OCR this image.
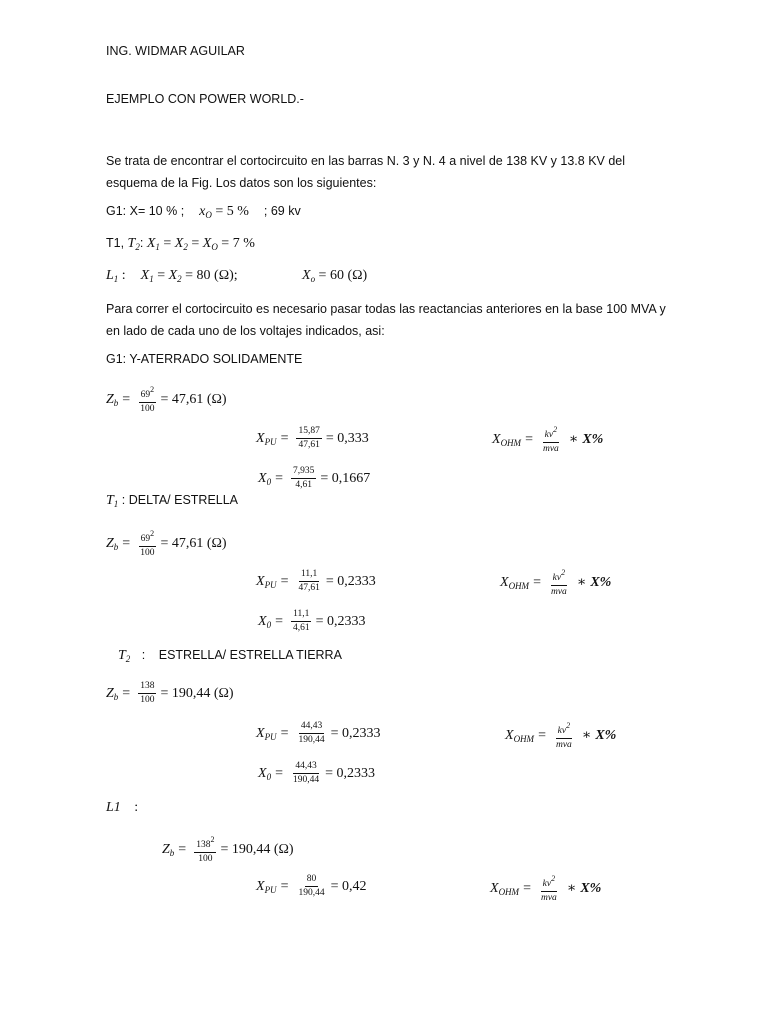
ING. WIDMAR AGUILAR
EJEMPLO CON POWER WORLD.-
Se trata de encontrar el cortocircuito en las barras N. 3 y N. 4 a nivel de 138 KV y 13.8 KV del esquema de la Fig. Los datos son los siguientes:
G1: X= 10 % ; $x_O = 5$ % ; 69 kv
T1, $T_2$: $X_1 = X_2 = X_O = 7$ %
$L_1$ : $X_1 = X_2 = 80$ (Ω);	$X_o = 60$ (Ω)
Para correr el cortocircuito es necesario pasar todas las reactancias anteriores en la base 100 MVA y en lado de cada uno de los voltajes indicados, asi:
G1: Y-ATERRADO SOLIDAMENTE
$Z_b = \frac{69^2}{100} = 47,61$ (Ω)
$X_{PU} = \frac{15,87}{47,61} = 0,333$	$X_{OHM} = \frac{kv^2}{\text{mva}}$ ∗ X%
$X_0 = \frac{7,935}{4,61} = 0,1667$
$T_1$ : DELTA/ ESTRELLA
$Z_b = \frac{69^2}{100} = 47,61$ (Ω)
$X_{PU} = \frac{11,1}{47,61} = 0,2333$	$X_{OHM} = \frac{kv^2}{\text{mva}}$ ∗ X%
$X_0 = \frac{11,1}{4,61} = 0,2333$
$T_2$ : ESTRELLA/ ESTRELLA TIERRA
$Z_b = \frac{138}{100} = 190,44$ (Ω)
$X_{PU} = \frac{44,43}{190,44} = 0,2333$	$X_{OHM} = \frac{kv^2}{\text{mva}}$ ∗ X%
$X_0 = \frac{44,43}{190,44} = 0,2333$
L1 :
$Z_b = \frac{138^2}{100} = 190,44$ (Ω)
$X_{PU} = \frac{80}{190,44} = 0,42$	$X_{OHM} = \frac{kv^2}{\text{mva}}$ ∗ X%
